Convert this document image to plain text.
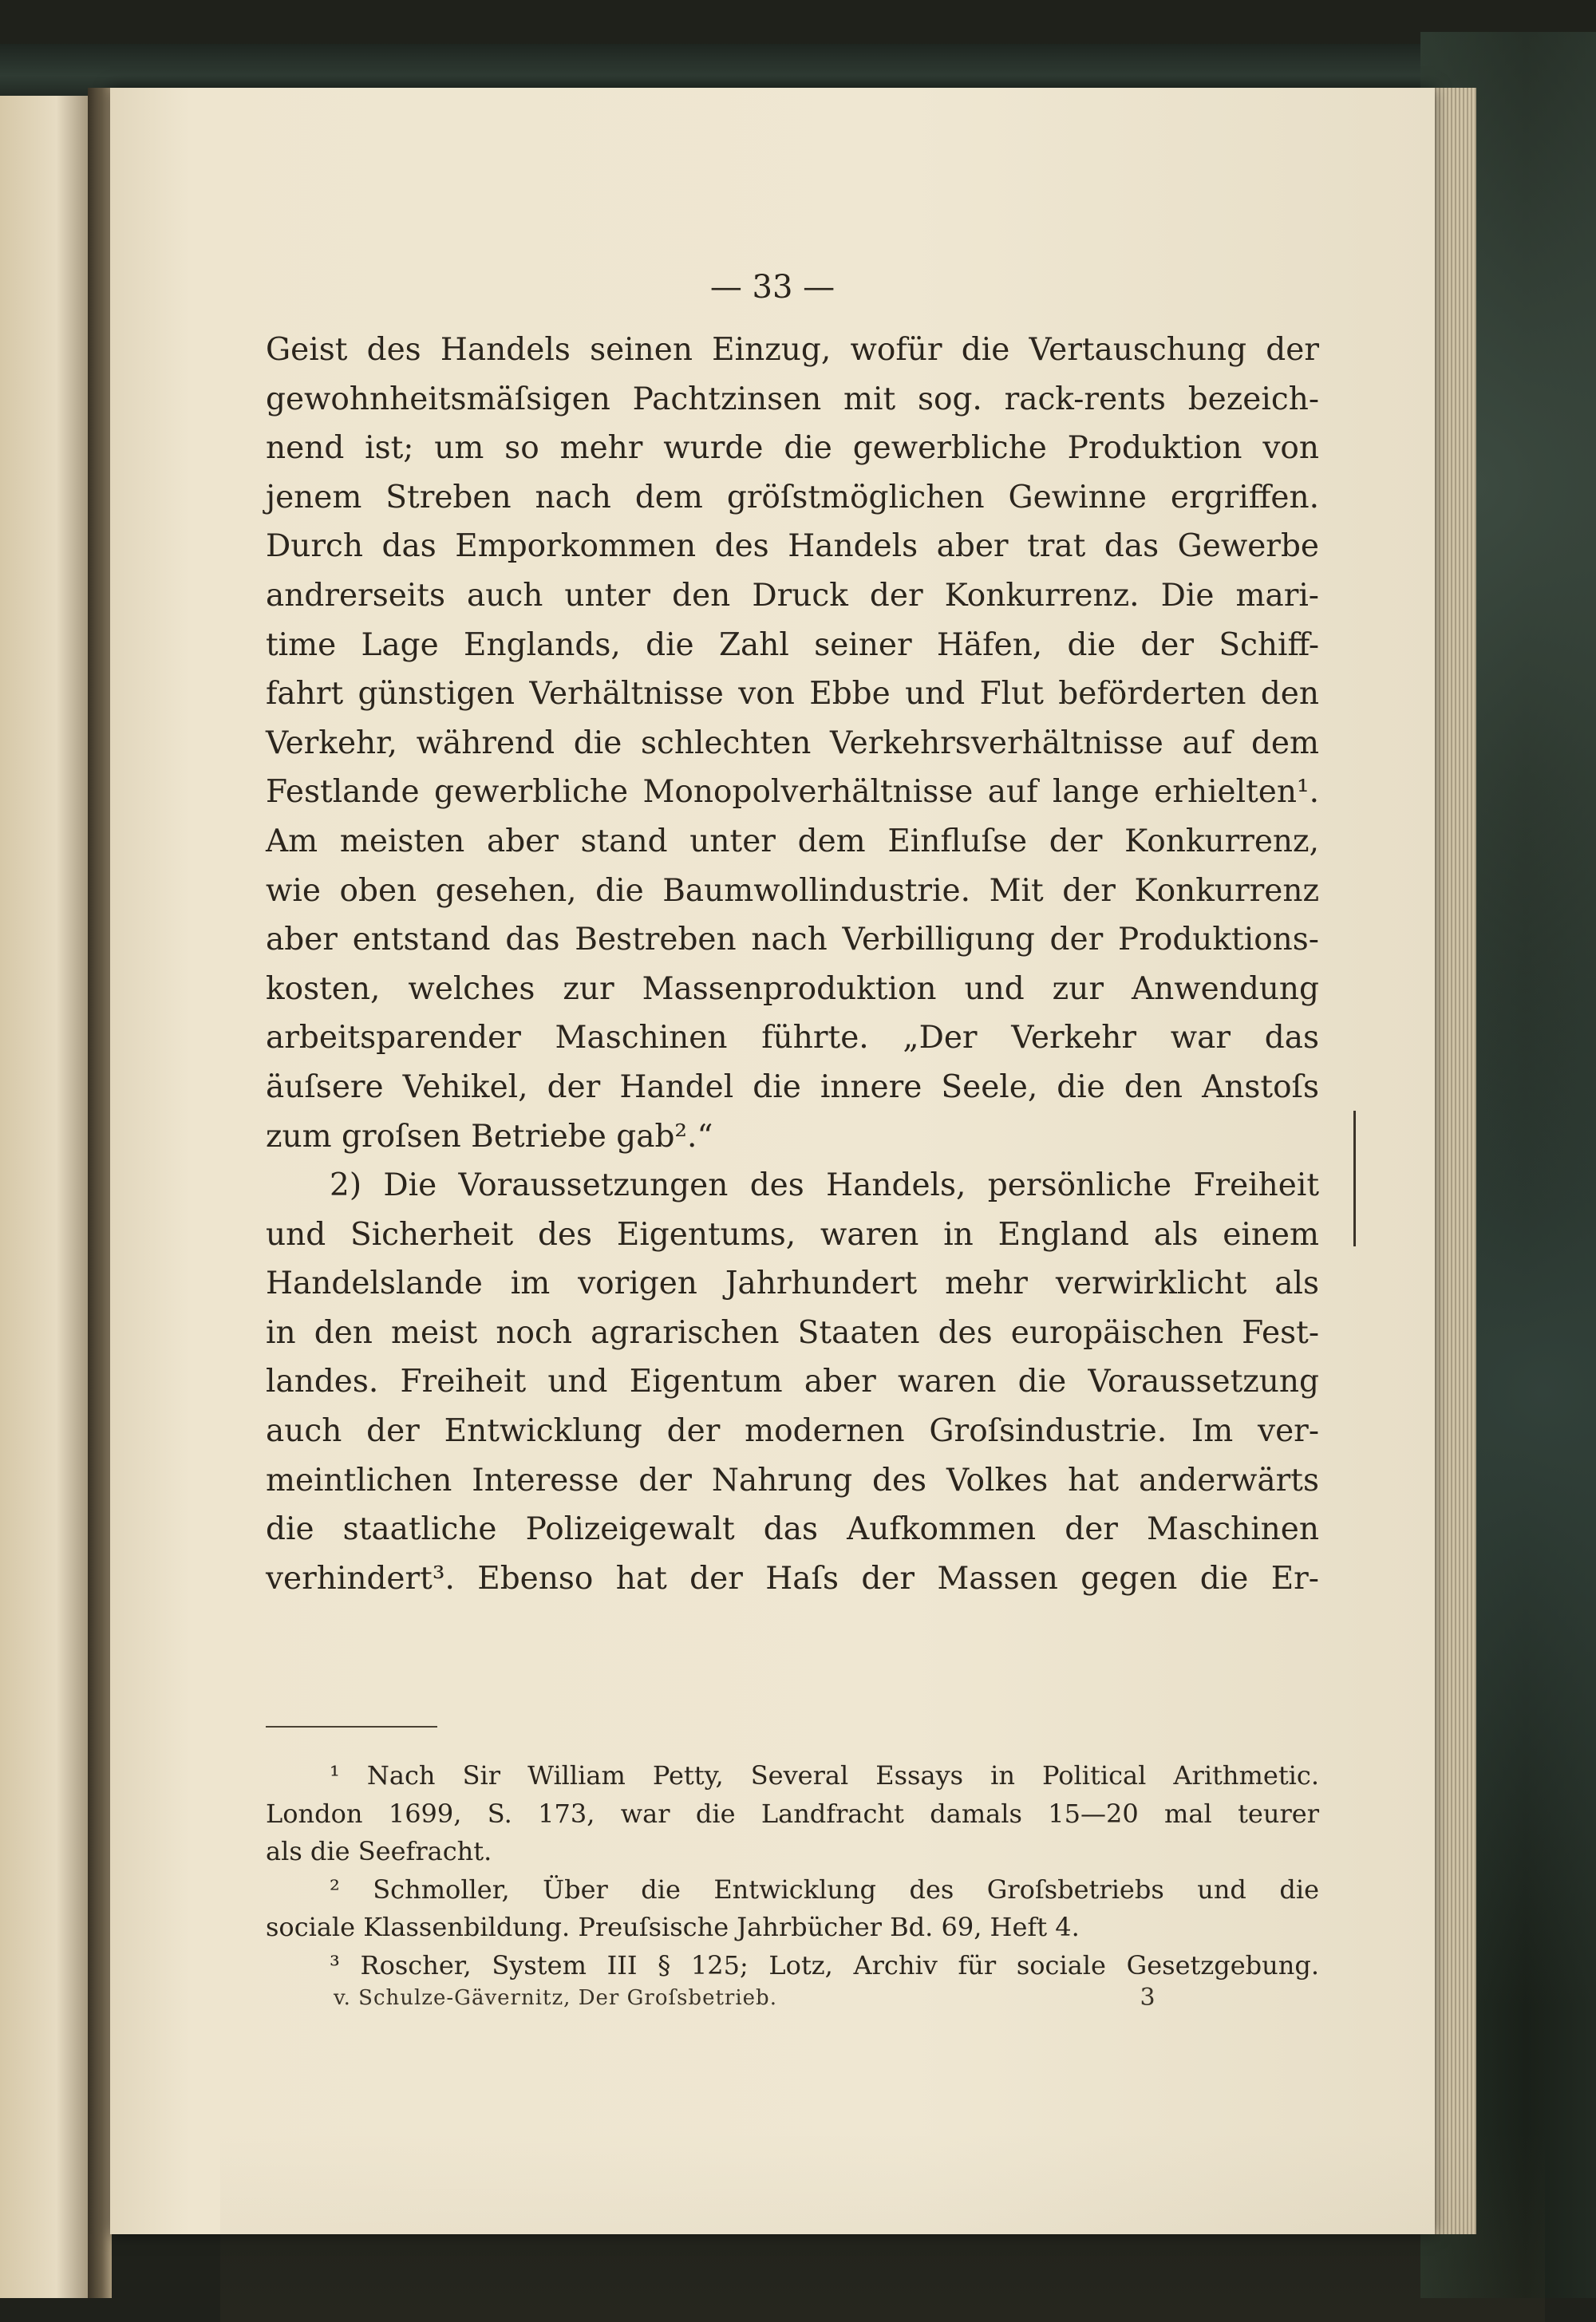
— 33 —
Geist des Handels seinen Einzug, wofür die Vertauschung der
gewohnheitsmäſsigen Pachtzinsen mit sog. rack-rents bezeich-
nend ist; um so mehr wurde die gewerbliche Produktion von
jenem Streben nach dem gröſstmöglichen Gewinne ergriffen.
Durch das Emporkommen des Handels aber trat das Gewerbe
andrerseits auch unter den Druck der Konkurrenz. Die mari-
time Lage Englands, die Zahl seiner Häfen, die der Schiff-
fahrt günstigen Verhältnisse von Ebbe und Flut beförderten den
Verkehr, während die schlechten Verkehrsverhältnisse auf dem
Festlande gewerbliche Monopolverhältnisse auf lange erhielten¹.
Am meisten aber stand unter dem Einfluſse der Konkurrenz,
wie oben gesehen, die Baumwollindustrie. Mit der Konkurrenz
aber entstand das Bestreben nach Verbilligung der Produktions-
kosten, welches zur Massenproduktion und zur Anwendung
arbeitsparender Maschinen führte. „Der Verkehr war das
äuſsere Vehikel, der Handel die innere Seele, die den Anstoſs
zum groſsen Betriebe gab².“
2) Die Voraussetzungen des Handels, persönliche Freiheit
und Sicherheit des Eigentums, waren in England als einem
Handelslande im vorigen Jahrhundert mehr verwirklicht als
in den meist noch agrarischen Staaten des europäischen Fest-
landes. Freiheit und Eigentum aber waren die Voraussetzung
auch der Entwicklung der modernen Groſsindustrie. Im ver-
meintlichen Interesse der Nahrung des Volkes hat anderwärts
die staatliche Polizeigewalt das Aufkommen der Maschinen
verhindert³. Ebenso hat der Haſs der Massen gegen die Er-
¹ Nach Sir William Petty, Several Essays in Political Arithmetic.
London 1699, S. 173, war die Landfracht damals 15—20 mal teurer
als die Seefracht.
² Schmoller, Über die Entwicklung des Groſsbetriebs und die
sociale Klassenbildung. Preuſsische Jahrbücher Bd. 69, Heft 4.
³ Roscher, System III § 125; Lotz, Archiv für sociale Gesetzgebung.
v. Schulze-Gävernitz, Der Groſsbetrieb.	3
